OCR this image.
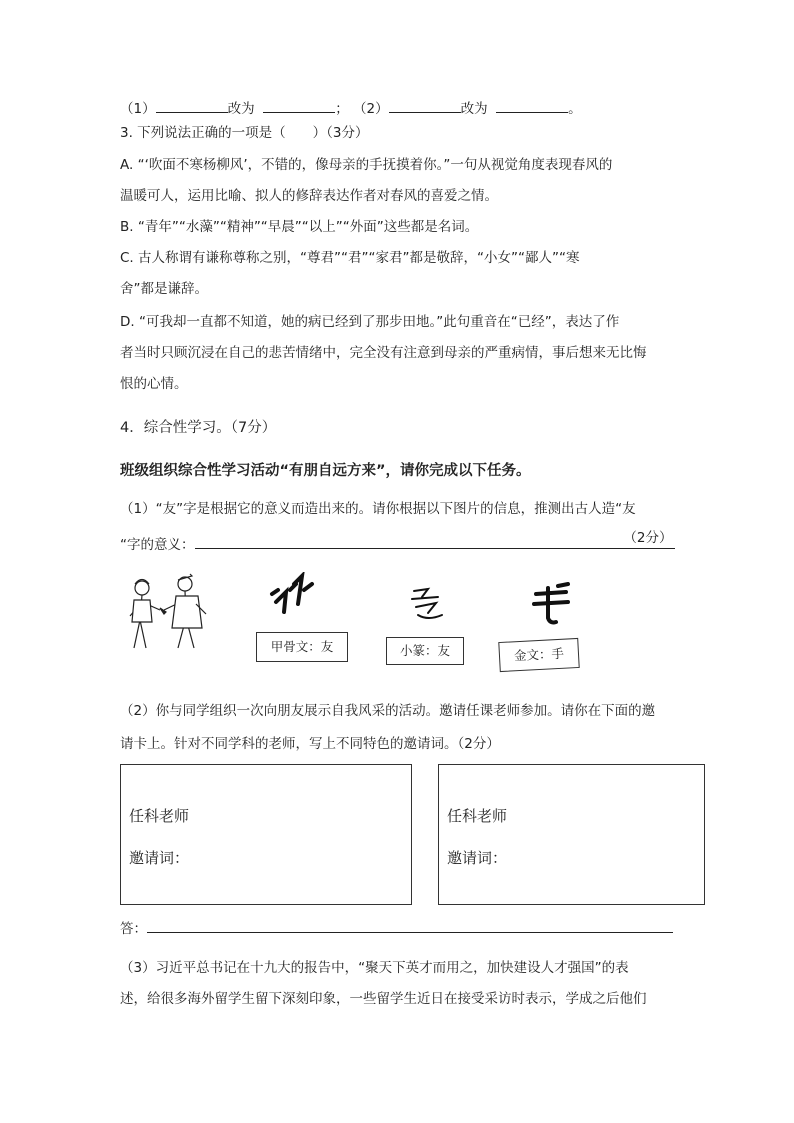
（1）	改为	； （2）	改为	。
3. 下列说法正确的一项是（　　）（3分）
A. “‘吹面不寒杨柳风’，不错的，像母亲的手抚摸着你。”一句从视觉角度表现春风的
温暖可人，运用比喻、拟人的修辞表达作者对春风的喜爱之情。
B. “青年”“水藻”“精神”“早晨”“以上”“外面”这些都是名词。
C. 古人称谓有谦称尊称之别，“尊君”“君”“家君”都是敬辞，“小女”“鄙人”“寒
舍”都是谦辞。
D. “可我却一直都不知道，她的病已经到了那步田地。”此句重音在“已经”，表达了作
者当时只顾沉浸在自己的悲苦情绪中，完全没有注意到母亲的严重病情，事后想来无比悔
恨的心情。
4．综合性学习。（7分）
班级组织综合性学习活动“有朋自远方来”，请你完成以下任务。
（1）“友”字是根据它的意义而造出来的。请你根据以下图片的信息，推测出古人造“友
“字的意义：	（2分）
甲骨文：友	小篆：友	金文：手
（2）你与同学组织一次向朋友展示自我风采的活动。邀请任课老师参加。请你在下面的邀
请卡上。针对不同学科的老师，写上不同特色的邀请词。（2分）
任科老师
邀请词：
任科老师
邀请词：
答：
（3）习近平总书记在十九大的报告中，“聚天下英才而用之，加快建设人才强国”的表
述，给很多海外留学生留下深刻印象，一些留学生近日在接受采访时表示，学成之后他们
